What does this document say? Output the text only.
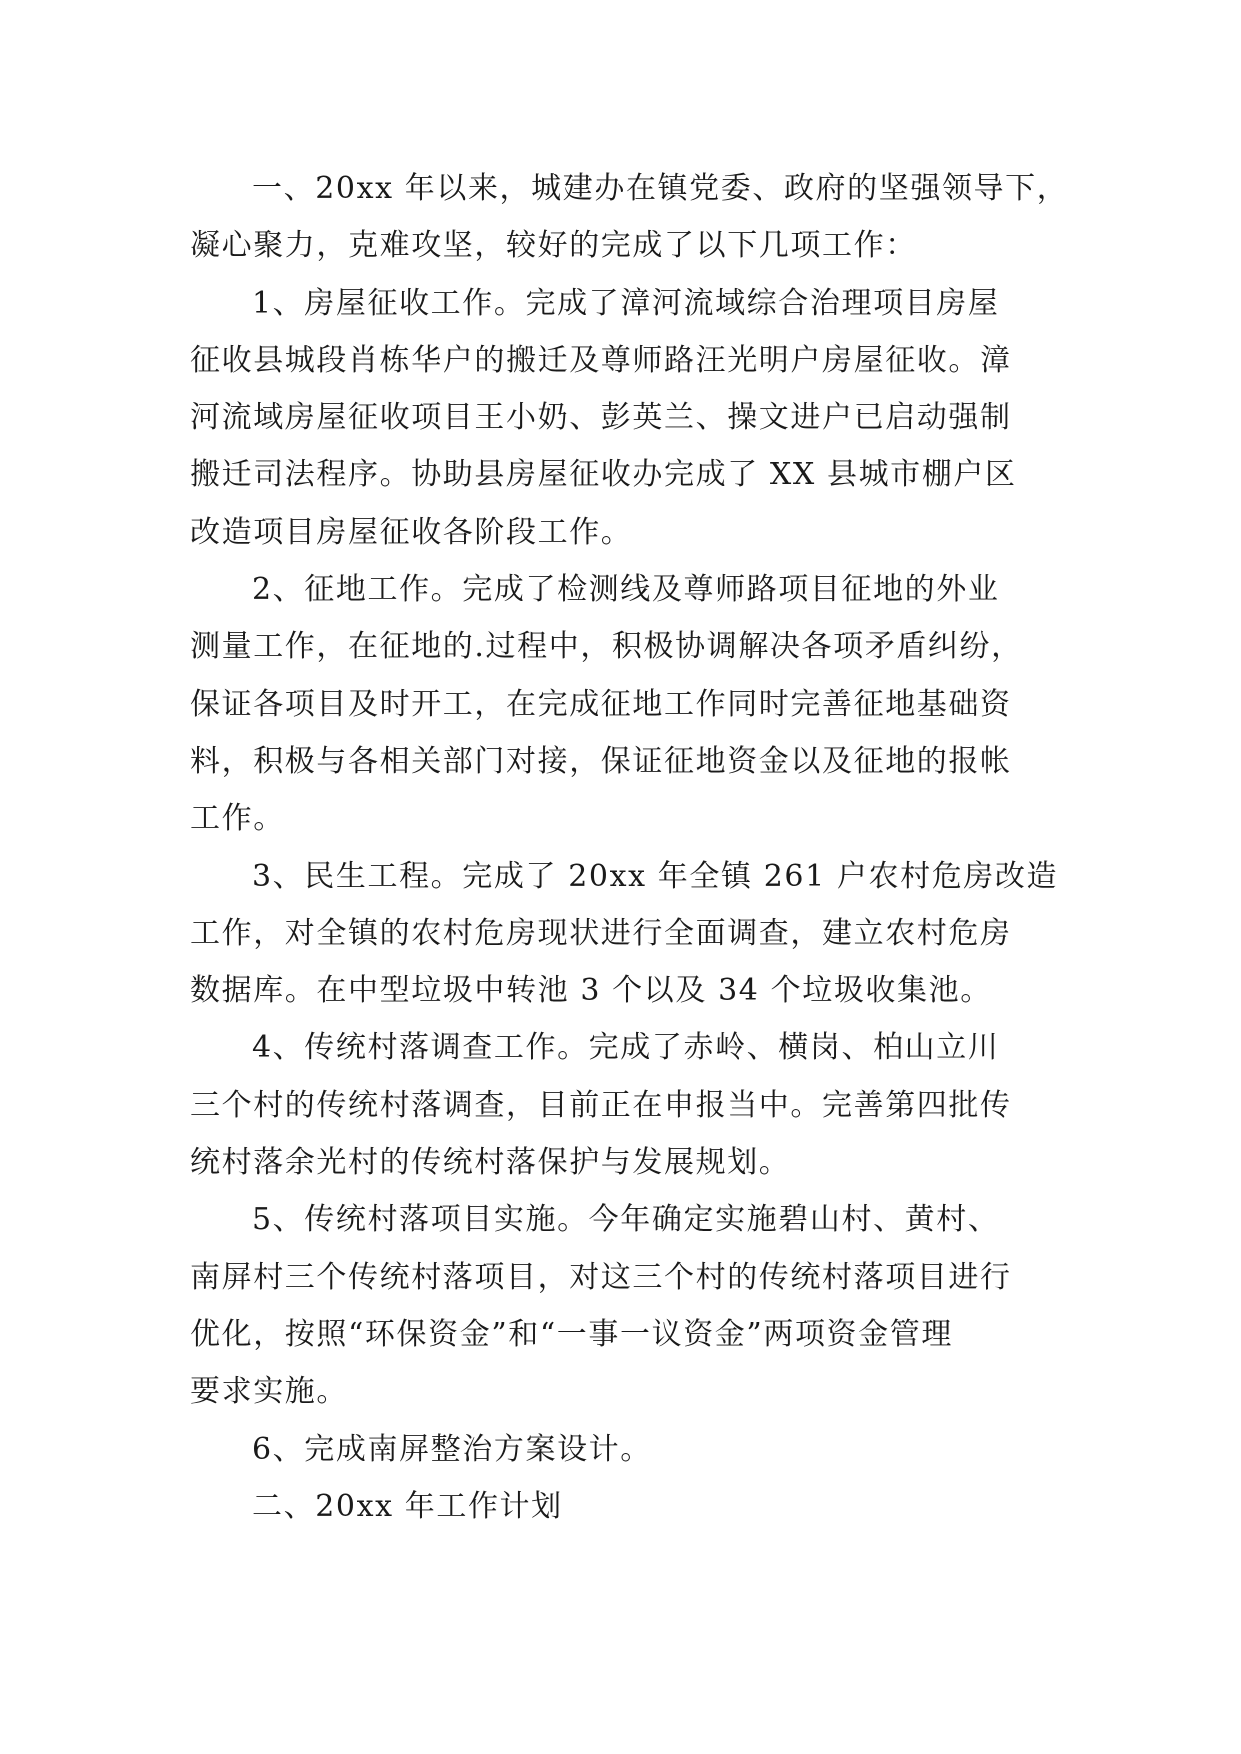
一、20xx 年以来，城建办在镇党委、政府的坚强领导下，
凝心聚力，克难攻坚，较好的完成了以下几项工作：
1、房屋征收工作。完成了漳河流域综合治理项目房屋
征收县城段肖栋华户的搬迁及尊师路汪光明户房屋征收。漳
河流域房屋征收项目王小奶、彭英兰、操文进户已启动强制
搬迁司法程序。协助县房屋征收办完成了 XX 县城市棚户区
改造项目房屋征收各阶段工作。
2、征地工作。完成了检测线及尊师路项目征地的外业
测量工作，在征地的.过程中，积极协调解决各项矛盾纠纷，
保证各项目及时开工，在完成征地工作同时完善征地基础资
料，积极与各相关部门对接，保证征地资金以及征地的报帐
工作。
3、民生工程。完成了 20xx 年全镇 261 户农村危房改造
工作，对全镇的农村危房现状进行全面调查，建立农村危房
数据库。在中型垃圾中转池 3 个以及 34 个垃圾收集池。
4、传统村落调查工作。完成了赤岭、横岗、柏山立川
三个村的传统村落调查，目前正在申报当中。完善第四批传
统村落余光村的传统村落保护与发展规划。
5、传统村落项目实施。今年确定实施碧山村、黄村、
南屏村三个传统村落项目，对这三个村的传统村落项目进行
优化，按照“环保资金”和“一事一议资金”两项资金管理
要求实施。
6、完成南屏整治方案设计。
二、20xx 年工作计划
